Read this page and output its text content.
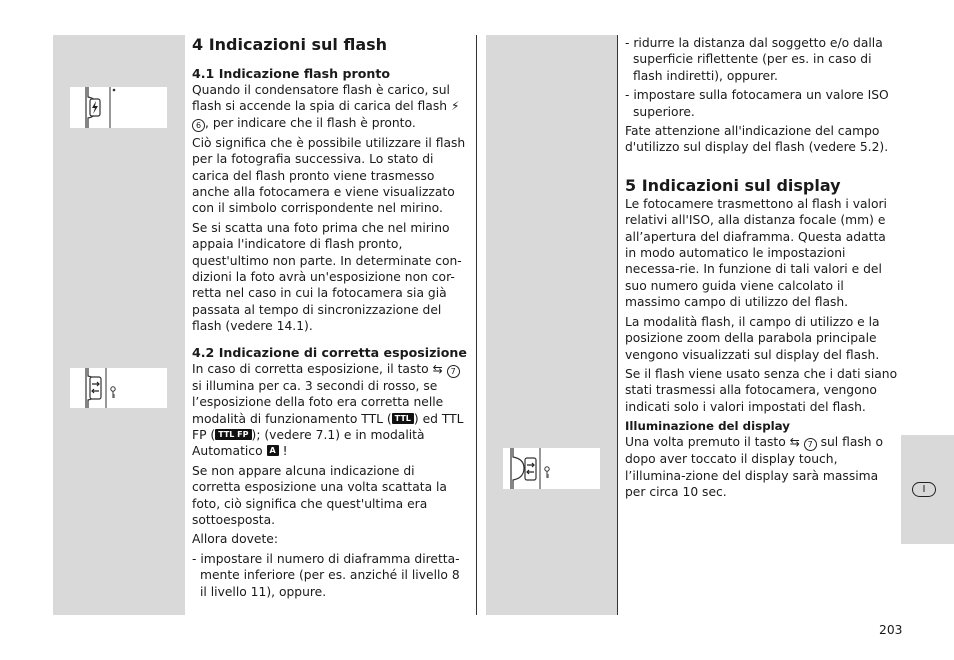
I
4 Indicazioni sul flash
4.1 Indicazione flash pronto

Quando il condensatore flash è carico, sul flash si accende la spia di carica del flash ⚡︎
6 , per indicare che il flash è pronto.

Ciò significa che è possibile utilizzare il flash per la fotografia successiva. Lo stato di carica del flash pronto viene trasmesso anche alla fotocamera e viene visualizzato con il simbolo corrispondente nel mirino.

Se si scatta una foto prima che nel mirino appaia l'indicatore di flash pronto, quest'ultimo non parte. In determinate con-dizioni la foto avrà un'esposizione non cor-retta nel caso in cui la fotocamera sia già passata al tempo di sincronizzazione del flash (vedere 14.1).

4.2 Indicazione di corretta esposizione

In caso di corretta esposizione, il tasto ⇆ 7 si illumina per ca. 3 secondi di rosso, se l’esposizione della foto era corretta nelle modalità di funzionamento TTL ( TTL ) ed TTL FP ( TTL FP ); (vedere 7.1) e in modalità Automatico A !

Se non appare alcuna indicazione di corretta esposizione una volta scattata la foto, ciò significa che quest'ultima era sottoesposta.

Allora dovete:

- impostare il numero di diaframma diretta-mente inferiore (per es. anziché il livello 8 il livello 11), oppure.

- ridurre la distanza dal soggetto e/o dalla superficie riflettente (per es. in caso di flash indiretti), oppurer.

- impostare sulla fotocamera un valore ISO superiore.

Fate attenzione all'indicazione del campo d'utilizzo sul display del flash (vedere 5.2).

5 Indicazioni sul display

Le fotocamere trasmettono al flash i valori relativi all'ISO, alla distanza focale (mm) e all’apertura del diaframma. Questa adatta in modo automatico le impostazioni necessa-rie. In funzione di tali valori e del suo numero guida viene calcolato il massimo campo di utilizzo del flash.

La modalità flash, il campo di utilizzo e la posizione zoom della parabola principale vengono visualizzati sul display del flash.

Se il flash viene usato senza che i dati siano stati trasmessi alla fotocamera, vengono indicati solo i valori impostati del flash.

Illuminazione del display

Una volta premuto il tasto ⇆ 7 sul flash o dopo aver toccato il display touch, l’illumina-zione del display sarà massima per circa 10 sec.

203
